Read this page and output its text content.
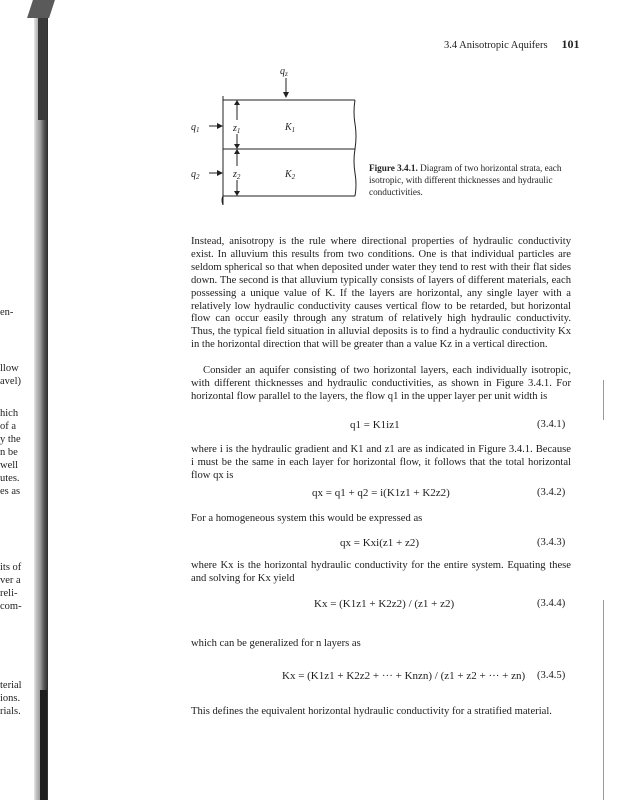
en-
llow
avel)
hich
of a
y the
n be
well
utes.
es as
its of
ver a
reli-
com-
terial
ions.
rials.
3.4 Anisotropic Aquifers 101
$q_z$
$q_1$
$q_2$
$z_1$
$z_2$
$K_1$
$K_2$
Figure 3.4.1. Diagram of two horizontal strata, each isotropic, with different thicknesses and hydraulic conductivities.
Instead, anisotropy is the rule where directional properties of hydraulic conductivity exist. In alluvium this results from two conditions. One is that individual particles are seldom spherical so that when deposited under water they tend to rest with their flat sides down. The second is that alluvium typically consists of layers of different materials, each possessing a unique value of K. If the layers are horizontal, any single layer with a relatively low hydraulic conductivity causes vertical flow to be retarded, but horizontal flow can occur easily through any stratum of relatively high hydraulic conductivity. Thus, the typical field situation in alluvial deposits is to find a hydraulic conductivity Kx in the horizontal direction that will be greater than a value Kz in a vertical direction.
Consider an aquifer consisting of two horizontal layers, each individually isotropic, with different thicknesses and hydraulic conductivities, as shown in Figure 3.4.1. For horizontal flow parallel to the layers, the flow q1 in the upper layer per unit width is
q1 = K1iz1	(3.4.1)
where i is the hydraulic gradient and K1 and z1 are as indicated in Figure 3.4.1. Because i must be the same in each layer for horizontal flow, it follows that the total horizontal flow qx is
qx = q1 + q2 = i(K1z1 + K2z2)	(3.4.2)
For a homogeneous system this would be expressed as
qx = Kxi(z1 + z2)	(3.4.3)
where Kx is the horizontal hydraulic conductivity for the entire system. Equating these and solving for Kx yield
Kx = (K1z1 + K2z2) / (z1 + z2)	(3.4.4)
which can be generalized for n layers as
Kx = (K1z1 + K2z2 + ··· + Knzn) / (z1 + z2 + ··· + zn) (3.4.5)
This defines the equivalent horizontal hydraulic conductivity for a stratified material.
